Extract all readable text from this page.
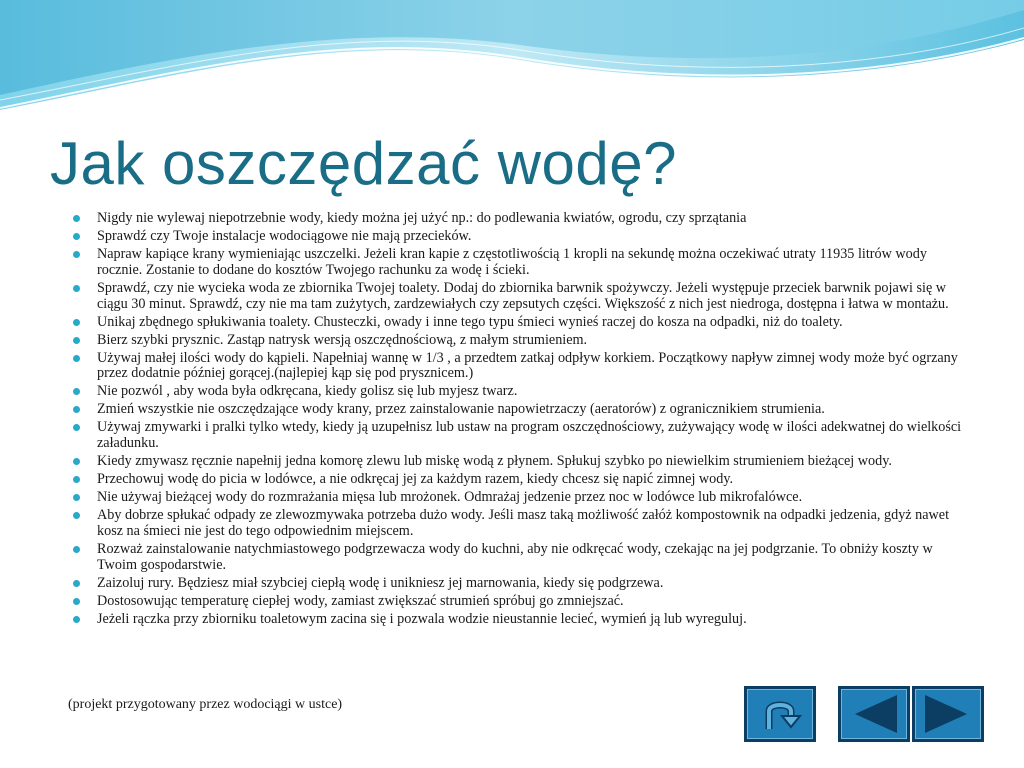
Jak oszczędzać wodę?
Nigdy nie wylewaj niepotrzebnie wody, kiedy można jej użyć np.: do podlewania kwiatów, ogrodu, czy sprzątania
Sprawdź czy Twoje instalacje wodociągowe nie mają przecieków.
Napraw kapiące krany wymieniając uszczelki. Jeżeli kran kapie z częstotliwością 1 kropli na sekundę można oczekiwać utraty 11935 litrów wody rocznie. Zostanie to dodane do kosztów Twojego rachunku za wodę i ścieki.
Sprawdź, czy nie wycieka woda ze zbiornika Twojej toalety. Dodaj do zbiornika barwnik spożywczy. Jeżeli występuje przeciek barwnik pojawi się w ciągu 30 minut. Sprawdź, czy nie ma tam zużytych, zardzewiałych czy zepsutych części. Większość z nich jest niedroga, dostępna i łatwa w montażu.
Unikaj zbędnego spłukiwania toalety. Chusteczki, owady i inne tego typu śmieci wynieś raczej do kosza na odpadki, niż do toalety.
Bierz szybki prysznic. Zastąp natrysk wersją oszczędnościową, z małym strumieniem.
Używaj małej ilości wody do kąpieli. Napełniaj wannę w 1/3 , a przedtem zatkaj odpływ korkiem. Początkowy napływ zimnej wody może być ogrzany przez dodatnie później gorącej.(najlepiej kąp się pod prysznicem.)
Nie pozwól , aby woda była odkręcana, kiedy golisz się lub myjesz twarz.
Zmień wszystkie nie oszczędzające wody krany, przez zainstalowanie napowietrzaczy (aeratorów) z ogranicznikiem strumienia.
Używaj zmywarki i pralki tylko wtedy, kiedy ją uzupełnisz lub ustaw na program oszczędnościowy, zużywający wodę w ilości adekwatnej do wielkości załadunku.
Kiedy zmywasz ręcznie napełnij jedna komorę zlewu lub miskę wodą z płynem. Spłukuj szybko po niewielkim strumieniem bieżącej wody.
Przechowuj wodę do picia w lodówce, a nie odkręcaj jej za każdym razem, kiedy chcesz się napić zimnej wody.
Nie używaj bieżącej wody do rozmrażania mięsa lub mrożonek. Odmrażaj jedzenie przez noc w lodówce lub mikrofalówce.
Aby dobrze spłukać odpady ze zlewozmywaka potrzeba dużo wody. Jeśli masz taką możliwość załóż kompostownik na odpadki jedzenia, gdyż nawet kosz na śmieci nie jest do tego odpowiednim miejscem.
Rozważ zainstalowanie natychmiastowego podgrzewacza wody do kuchni, aby nie odkręcać wody, czekając na jej podgrzanie. To obniży koszty w Twoim gospodarstwie.
Zaizoluj rury. Będziesz miał szybciej ciepłą wodę i unikniesz jej marnowania, kiedy się podgrzewa.
Dostosowując temperaturę ciepłej wody, zamiast zwiększać strumień spróbuj go zmniejszać.
Jeżeli rączka przy zbiorniku toaletowym zacina się i pozwala wodzie nieustannie lecieć, wymień ją lub wyreguluj.
(projekt przygotowany przez wodociągi w ustce)
